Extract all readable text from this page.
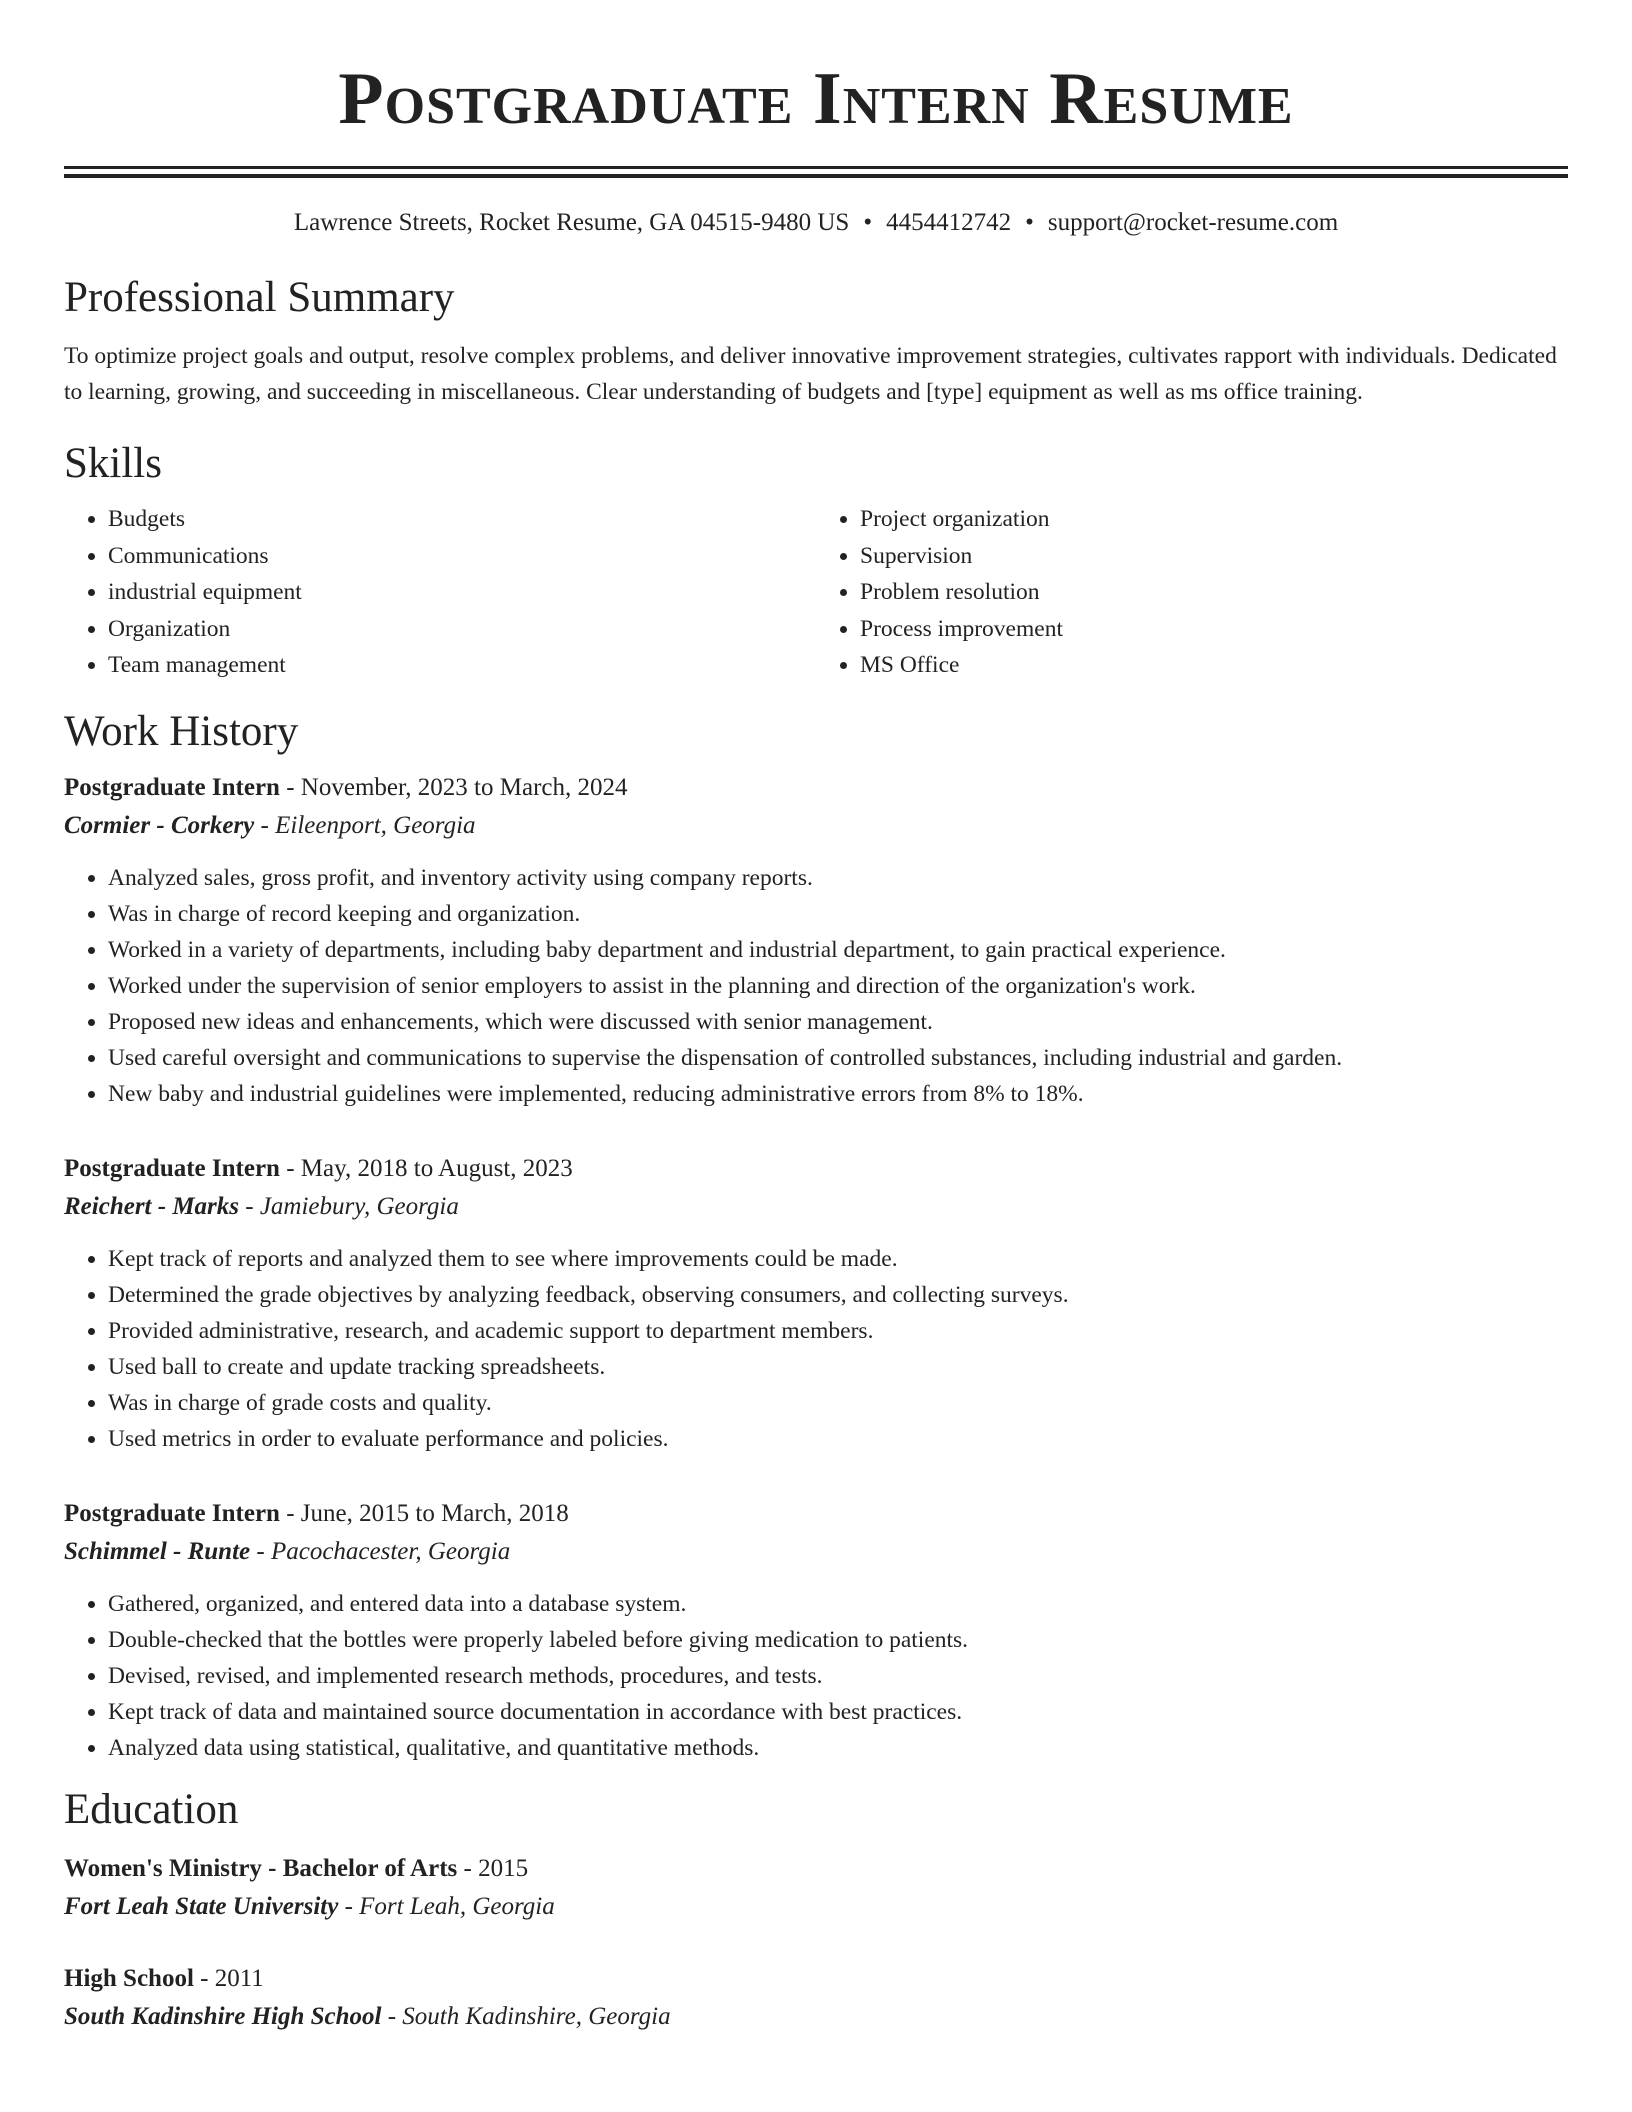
Postgraduate Intern Resume
Lawrence Streets, Rocket Resume, GA 04515-9480 US • 4454412742 • support@rocket-resume.com
Professional Summary

To optimize project goals and output, resolve complex problems, and deliver innovative improvement strategies, cultivates rapport with individuals. Dedicated to learning, growing, and succeeding in miscellaneous. Clear understanding of budgets and [type] equipment as well as ms office training.

Skills
• Budgets
• Communications
• industrial equipment
• Organization
• Team management
• Project organization
• Supervision
• Problem resolution
• Process improvement
• MS Office
Work History
Postgraduate Intern - November, 2023 to March, 2024
Cormier - Corkery - Eileenport, Georgia
• Analyzed sales, gross profit, and inventory activity using company reports.
• Was in charge of record keeping and organization.
• Worked in a variety of departments, including baby department and industrial department, to gain practical experience.
• Worked under the supervision of senior employers to assist in the planning and direction of the organization's work.
• Proposed new ideas and enhancements, which were discussed with senior management.
• Used careful oversight and communications to supervise the dispensation of controlled substances, including industrial and garden.
• New baby and industrial guidelines were implemented, reducing administrative errors from 8% to 18%.
Postgraduate Intern - May, 2018 to August, 2023
Reichert - Marks - Jamiebury, Georgia
• Kept track of reports and analyzed them to see where improvements could be made.
• Determined the grade objectives by analyzing feedback, observing consumers, and collecting surveys.
• Provided administrative, research, and academic support to department members.
• Used ball to create and update tracking spreadsheets.
• Was in charge of grade costs and quality.
• Used metrics in order to evaluate performance and policies.
Postgraduate Intern - June, 2015 to March, 2018
Schimmel - Runte - Pacochacester, Georgia
• Gathered, organized, and entered data into a database system.
• Double-checked that the bottles were properly labeled before giving medication to patients.
• Devised, revised, and implemented research methods, procedures, and tests.
• Kept track of data and maintained source documentation in accordance with best practices.
• Analyzed data using statistical, qualitative, and quantitative methods.
Education
Women's Ministry - Bachelor of Arts - 2015
Fort Leah State University - Fort Leah, Georgia
High School - 2011
South Kadinshire High School - South Kadinshire, Georgia
